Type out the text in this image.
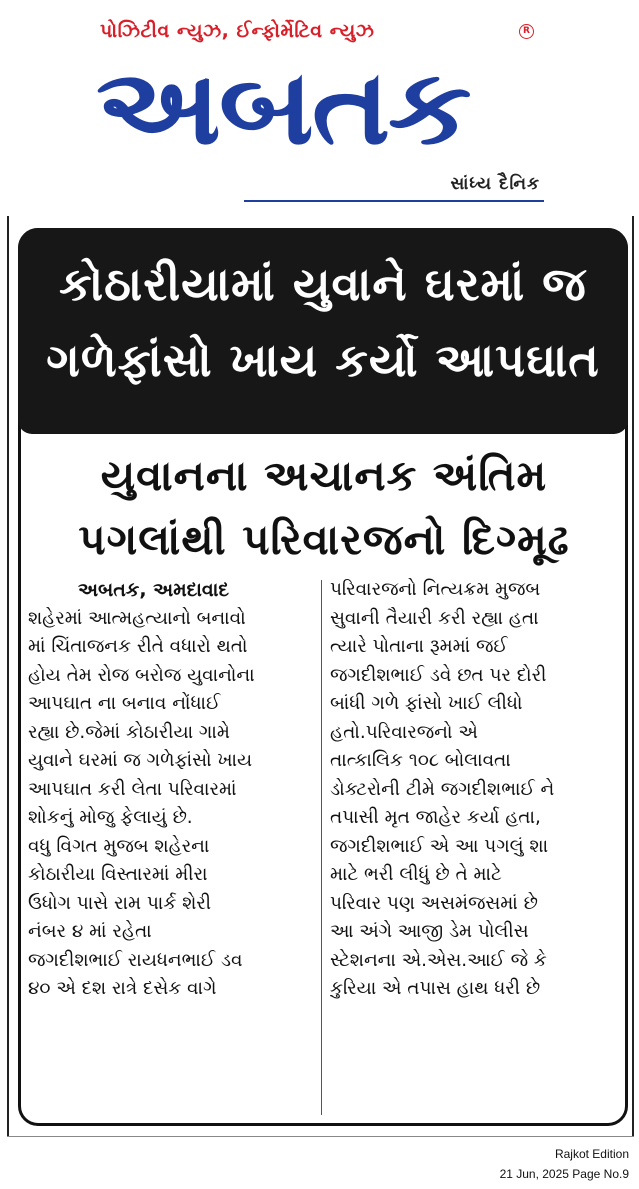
પોઝિટીવ ન્યુઝ, ઈન્ફોર્મેટિવ ન્યુઝ	R
અબતક
સાંધ્ય દૈનિક

કોઠારીયામાં યુવાને ઘરમાં જ

ગળેફાંસો ખાય કર્યો આપઘાત

યુવાનના અચાનક અંતિમ
પગલાંથી પરિવારજનો દિગ્મૂઢ
અબતક, અમદાવાદ
શહેરમાં આત્મહત્યાનો બનાવો
માં ચિંતાજનક રીતે વધારો થતો
હોય તેમ રોજ બરોજ યુવાનોના
આપઘાત ના બનાવ નોંધાઈ
રહ્યા છે.જેમાં કોઠારીયા ગામે
યુવાને ઘરમાં જ ગળેફાંસો ખાય
આપઘાત કરી લેતા પરિવારમાં
શોકનું મોજુ ફેલાયું છે.
વધુ વિગત મુજબ શહેરના
કોઠારીયા વિસ્તારમાં મીરા
ઉધોગ પાસે રામ પાર્ક શેરી
નંબર ૪ માં રહેતા
જગદીશભાઈ રાયધનભાઈ ડવ
૪૦ એ દશ રાત્રે દસેક વાગે
પરિવારજનો નિત્યક્રમ મુજબ
સુવાની તૈયારી કરી રહ્યા હતા
ત્યારે પોતાના રૂમમાં જઈ
જગદીશભાઈ ડવે છત પર દોરી
બાંધી ગળે ફાંસો ખાઈ લીધો
હતો.પરિવારજનો એ
તાત્કાલિક ૧૦૮ બોલાવતા
ડોક્ટરોની ટીમે જગદીશભાઈ ને
તપાસી મૃત જાહેર કર્યા હતા,
જગદીશભાઈ એ આ પગલું શા
માટે ભરી લીધું છે તે માટે
પરિવાર પણ અસમંજસમાં છે
આ અંગે આજી ડેમ પોલીસ
સ્ટેશનના એ.એસ.આઈ જે કે
કુરિયા એ તપાસ હાથ ધરી છે
Rajkot Edition
21 Jun, 2025 Page No.9
